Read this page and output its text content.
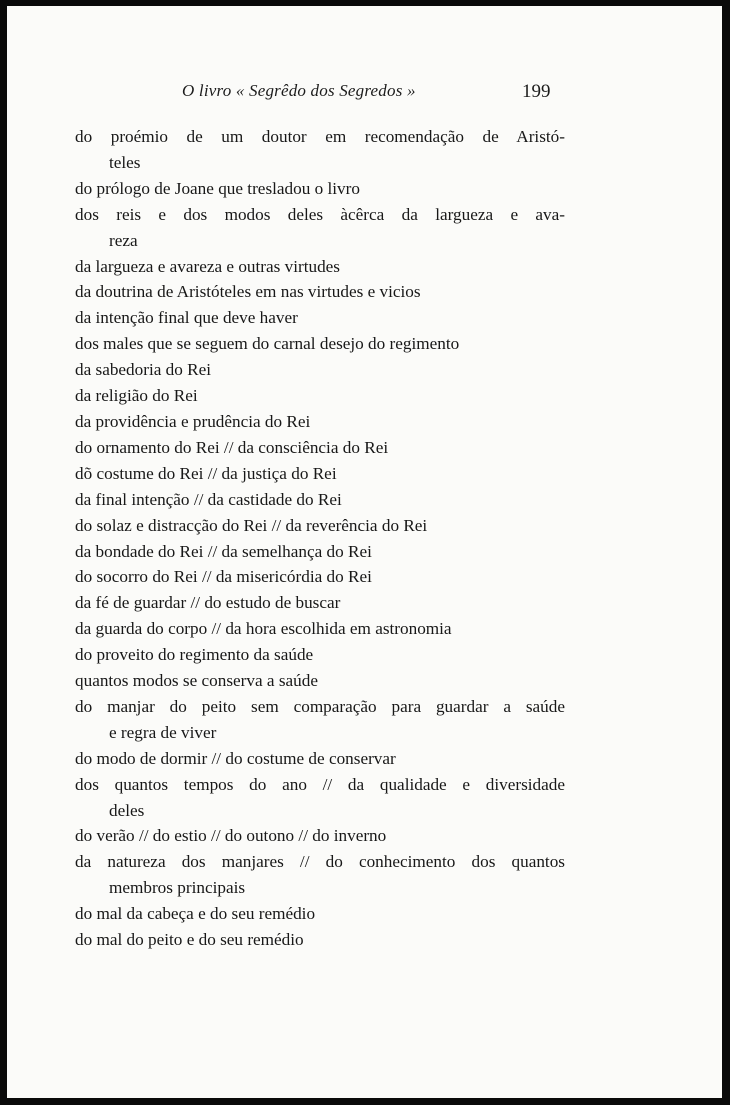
O livro « Segrêdo dos Segredos »	199
do proémio de um doutor em recomendação de Aristó-
teles
do prólogo de Joane que tresladou o livro
dos reis e dos modos deles àcêrca da largueza e ava-
reza
da largueza e avareza e outras virtudes
da doutrina de Aristóteles em nas virtudes e vicios
da intenção final que deve haver
dos males que se seguem do carnal desejo do regimento
da sabedoria do Rei
da religião do Rei
da providência e prudência do Rei
do ornamento do Rei // da consciência do Rei
dõ costume do Rei // da justiça do Rei
da final intenção // da castidade do Rei
do solaz e distracção do Rei // da reverência do Rei
da bondade do Rei // da semelhança do Rei
do socorro do Rei // da misericórdia do Rei
da fé de guardar // do estudo de buscar
da guarda do corpo // da hora escolhida em astronomia
do proveito do regimento da saúde
quantos modos se conserva a saúde
do manjar do peito sem comparação para guardar a saúde
e regra de viver
do modo de dormir // do costume de conservar
dos quantos tempos do ano // da qualidade e diversidade
deles
do verão // do estio // do outono // do inverno
da natureza dos manjares // do conhecimento dos quantos
membros principais
do mal da cabeça e do seu remédio
do mal do peito e do seu remédio
